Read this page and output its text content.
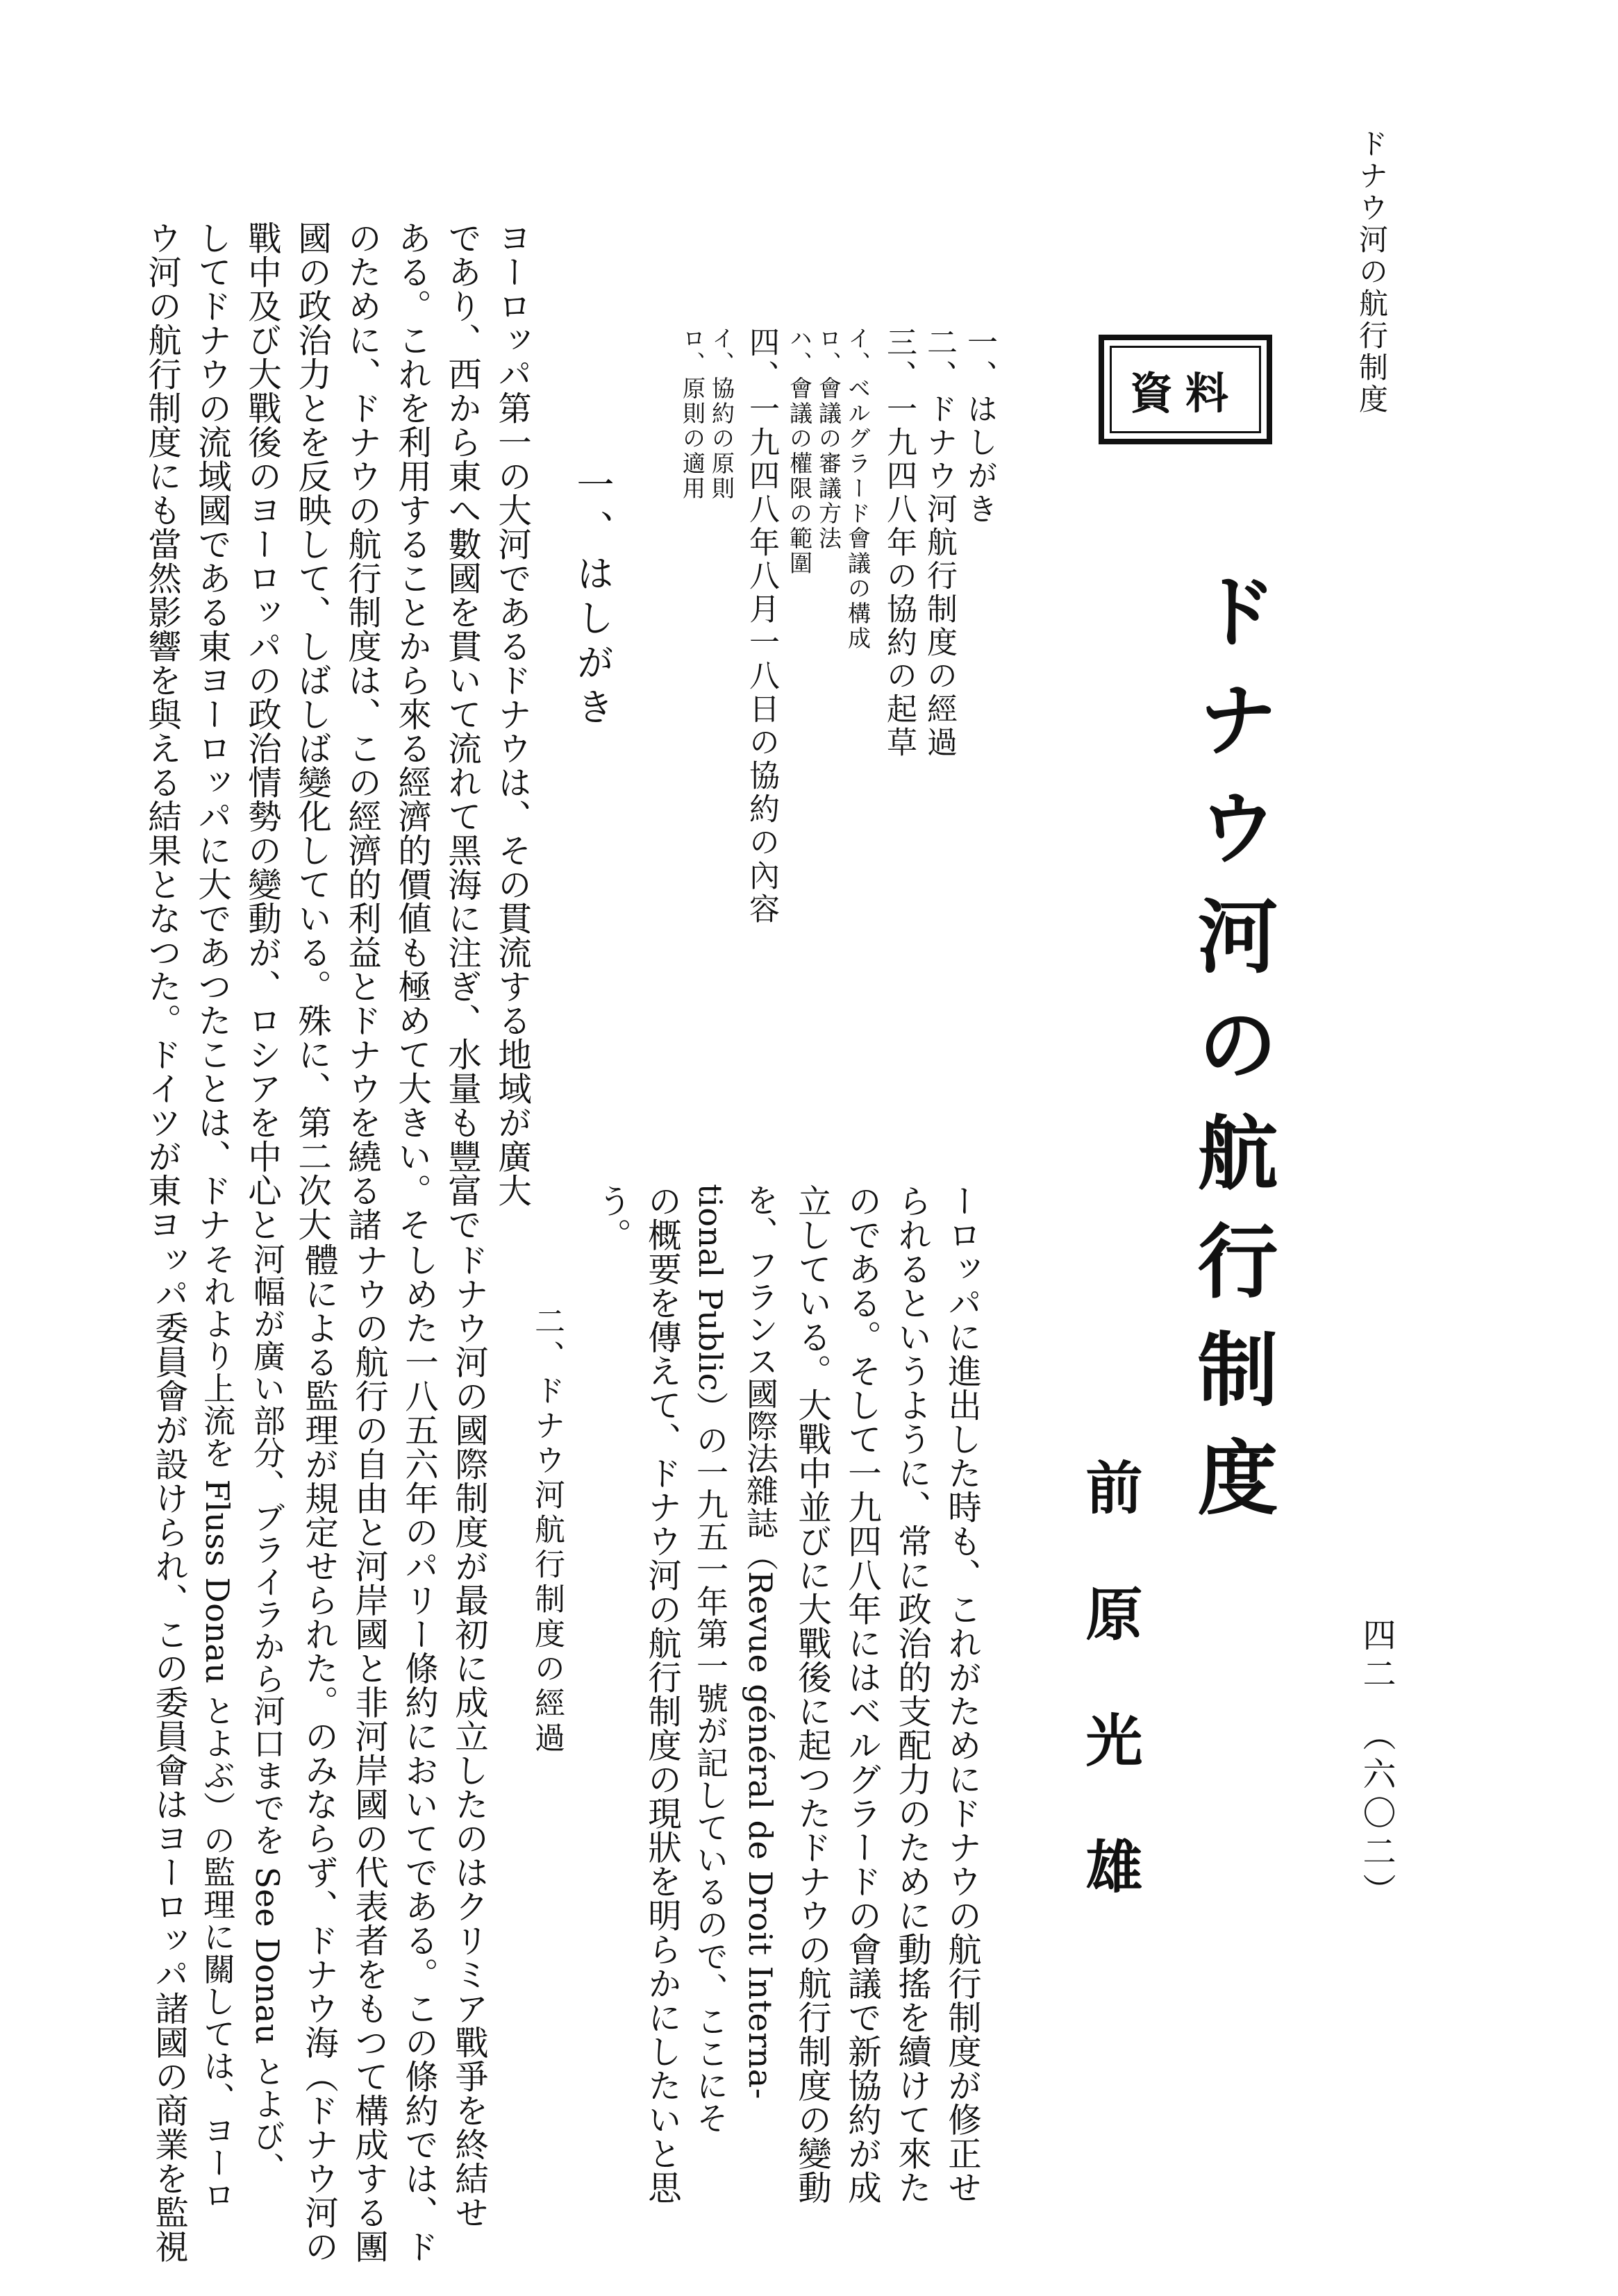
ドナウ河の航行制度
資料
ドナウ河の航行制度
前原光雄	四二　（六〇二）
一、はしがき
二、ドナウ河航行制度の經過
三、一九四八年の協約の起草
イ、ベルグラード會議の構成
ロ、會議の審議方法
ハ、會議の權限の範圍
四、一九四八年八月一八日の協約の內容
イ、協約の原則
ロ、原則の適用
一、はしがき
ヨーロッパ第一の大河であるドナウは、その貫流する地域が廣大
であり、西から東へ數國を貫いて流れて黑海に注ぎ、水量も豐富で
ある。これを利用することから來る經濟的價値も極めて大きい。そ
のために、ドナウの航行制度は、この經濟的利益とドナウを繞る諸
國の政治力とを反映して、しばしば變化している。殊に、第二次大
戰中及び大戰後のヨーロッパの政治情勢の變動が、ロシアを中心と
してドナウの流域國である東ヨーロッパに大であつたことは、ドナ
ウ河の航行制度にも當然影響を與える結果となつた。ドイツが東ヨ
ーロッパに進出した時も、これがためにドナウの航行制度が修正せ
られるというように、常に政治的支配力のために動搖を續けて來た
のである。そして一九四八年にはベルグラードの會議で新協約が成
立している。大戰中並びに大戰後に起つたドナウの航行制度の變動
を、フランス國際法雜誌（Revue général de Droit Interna-
tional Public）の一九五一年第一號が記しているので、ここにそ
の概要を傳えて、ドナウ河の航行制度の現狀を明らかにしたいと思
う。
二、ドナウ河航行制度の經過
ドナウ河の國際制度が最初に成立したのはクリミア戰爭を終結せ
しめた一八五六年のパリー條約においてである。この條約では、ド
ナウの航行の自由と河岸國と非河岸國の代表者をもつて構成する團
體による監理が規定せられた。のみならず、ドナウ海（ドナウ河の
河幅が廣い部分、ブライラから河口までを See Donau とよび、
それより上流を Fluss Donau とよぶ）の監理に關しては、ヨーロ
ッパ委員會が設けられ、この委員會はヨーロッパ諸國の商業を監視
